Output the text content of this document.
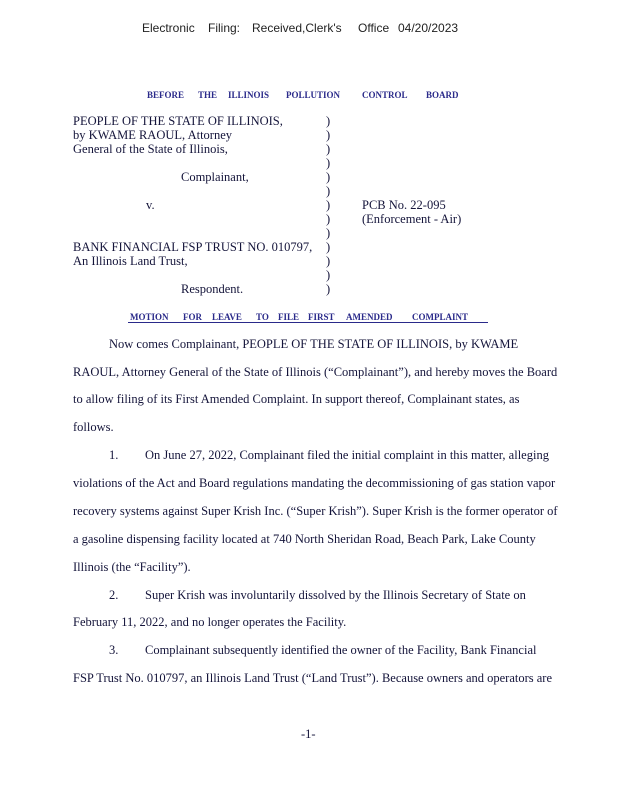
Electronic Filing: Received,Clerk's Office 04/20/2023
BEFORE THE ILLINOIS POLLUTION CONTROL BOARD
PEOPLE OF THE STATE OF ILLINOIS,
by KWAME RAOUL, Attorney
General of the State of Illinois,
Complainant,
v.	PCB No. 22-095
(Enforcement - Air)
BANK FINANCIAL FSP TRUST NO. 010797,
An Illinois Land Trust,
Respondent.
)
)
)
)
)
)
)
)
)
)
)
)
)
MOTION FOR LEAVE TO FILE FIRST AMENDED COMPLAINT
Now comes Complainant, PEOPLE OF THE STATE OF ILLINOIS, by KWAME
RAOUL, Attorney General of the State of Illinois (“Complainant”), and hereby moves the Board
to allow filing of its First Amended Complaint. In support thereof, Complainant states, as
follows.
1. On June 27, 2022, Complainant filed the initial complaint in this matter, alleging
violations of the Act and Board regulations mandating the decommissioning of gas station vapor
recovery systems against Super Krish Inc. (“Super Krish”). Super Krish is the former operator of
a gasoline dispensing facility located at 740 North Sheridan Road, Beach Park, Lake County
Illinois (the “Facility”).
2. Super Krish was involuntarily dissolved by the Illinois Secretary of State on
February 11, 2022, and no longer operates the Facility.
3. Complainant subsequently identified the owner of the Facility, Bank Financial
FSP Trust No. 010797, an Illinois Land Trust (“Land Trust”). Because owners and operators are
-1-
